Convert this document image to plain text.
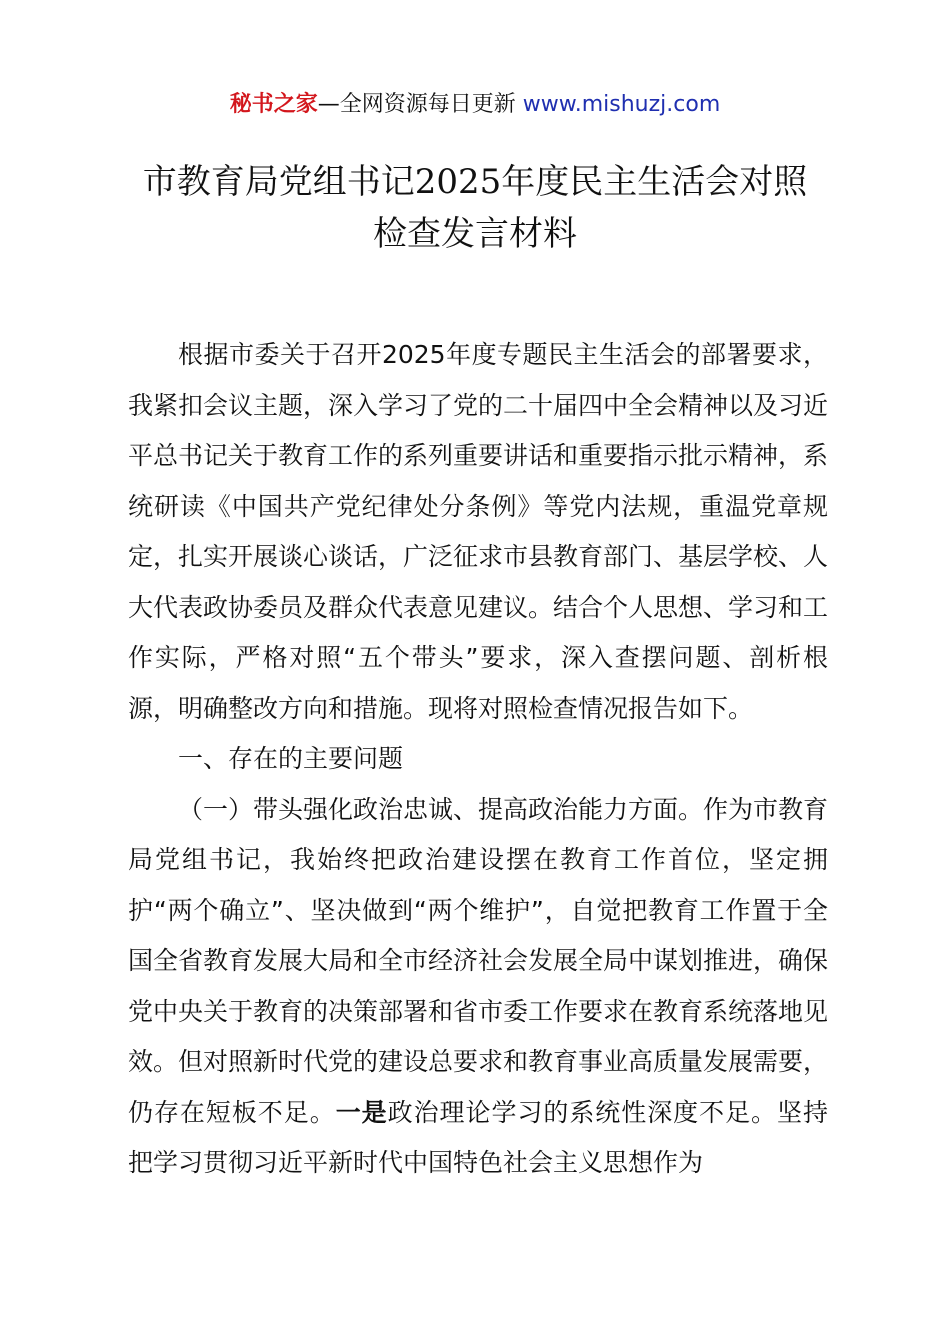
秘书之家—全网资源每日更新 www.mishuzj.com
市教育局党组书记2025年度民主生活会对照
检查发言材料

根据市委关于召开2025年度专题民主生活会的部署要求，我紧扣会议主题，深入学习了党的二十届四中全会精神以及习近平总书记关于教育工作的系列重要讲话和重要指示批示精神，系统研读《中国共产党纪律处分条例》等党内法规，重温党章规定，扎实开展谈心谈话，广泛征求市县教育部门、基层学校、人大代表政协委员及群众代表意见建议。结合个人思想、学习和工作实际，严格对照“五个带头”要求，深入查摆问题、剖析根源，明确整改方向和措施。现将对照检查情况报告如下。

一、存在的主要问题

（一）带头强化政治忠诚、提高政治能力方面。作为市教育局党组书记，我始终把政治建设摆在教育工作首位，坚定拥护“两个确立”、坚决做到“两个维护”，自觉把教育工作置于全国全省教育发展大局和全市经济社会发展全局中谋划推进，确保党中央关于教育的决策部署和省市委工作要求在教育系统落地见效。但对照新时代党的建设总要求和教育事业高质量发展需要，仍存在短板不足。一是政治理论学习的系统性深度不足。坚持把学习贯彻习近平新时代中国特色社会主义思想作为
